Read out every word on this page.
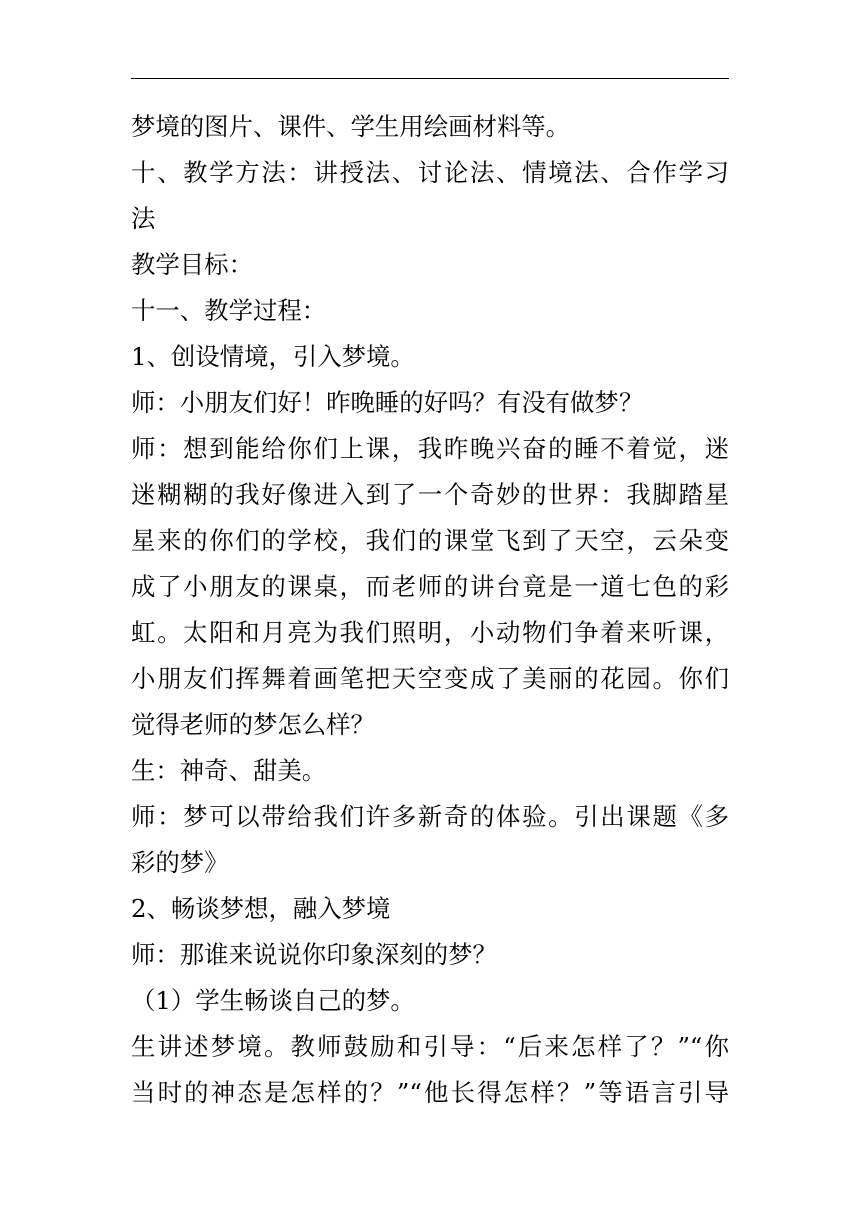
梦境的图片、课件、学生用绘画材料等。
十、教学方法：讲授法、讨论法、情境法、合作学习
法
教学目标：
十一、教学过程：
1、创设情境，引入梦境。
师：小朋友们好！昨晚睡的好吗？有没有做梦？
师：想到能给你们上课，我昨晚兴奋的睡不着觉，迷
迷糊糊的我好像进入到了一个奇妙的世界：我脚踏星
星来的你们的学校，我们的课堂飞到了天空，云朵变
成了小朋友的课桌，而老师的讲台竟是一道七色的彩
虹。太阳和月亮为我们照明，小动物们争着来听课，
小朋友们挥舞着画笔把天空变成了美丽的花园。你们
觉得老师的梦怎么样？
生：神奇、甜美。
师：梦可以带给我们许多新奇的体验。引出课题《多
彩的梦》
2、畅谈梦想，融入梦境
师：那谁来说说你印象深刻的梦？
（1）学生畅谈自己的梦。
生讲述梦境。教师鼓励和引导：“后来怎样了？”“你
当时的神态是怎样的？”“他长得怎样？”等语言引导
